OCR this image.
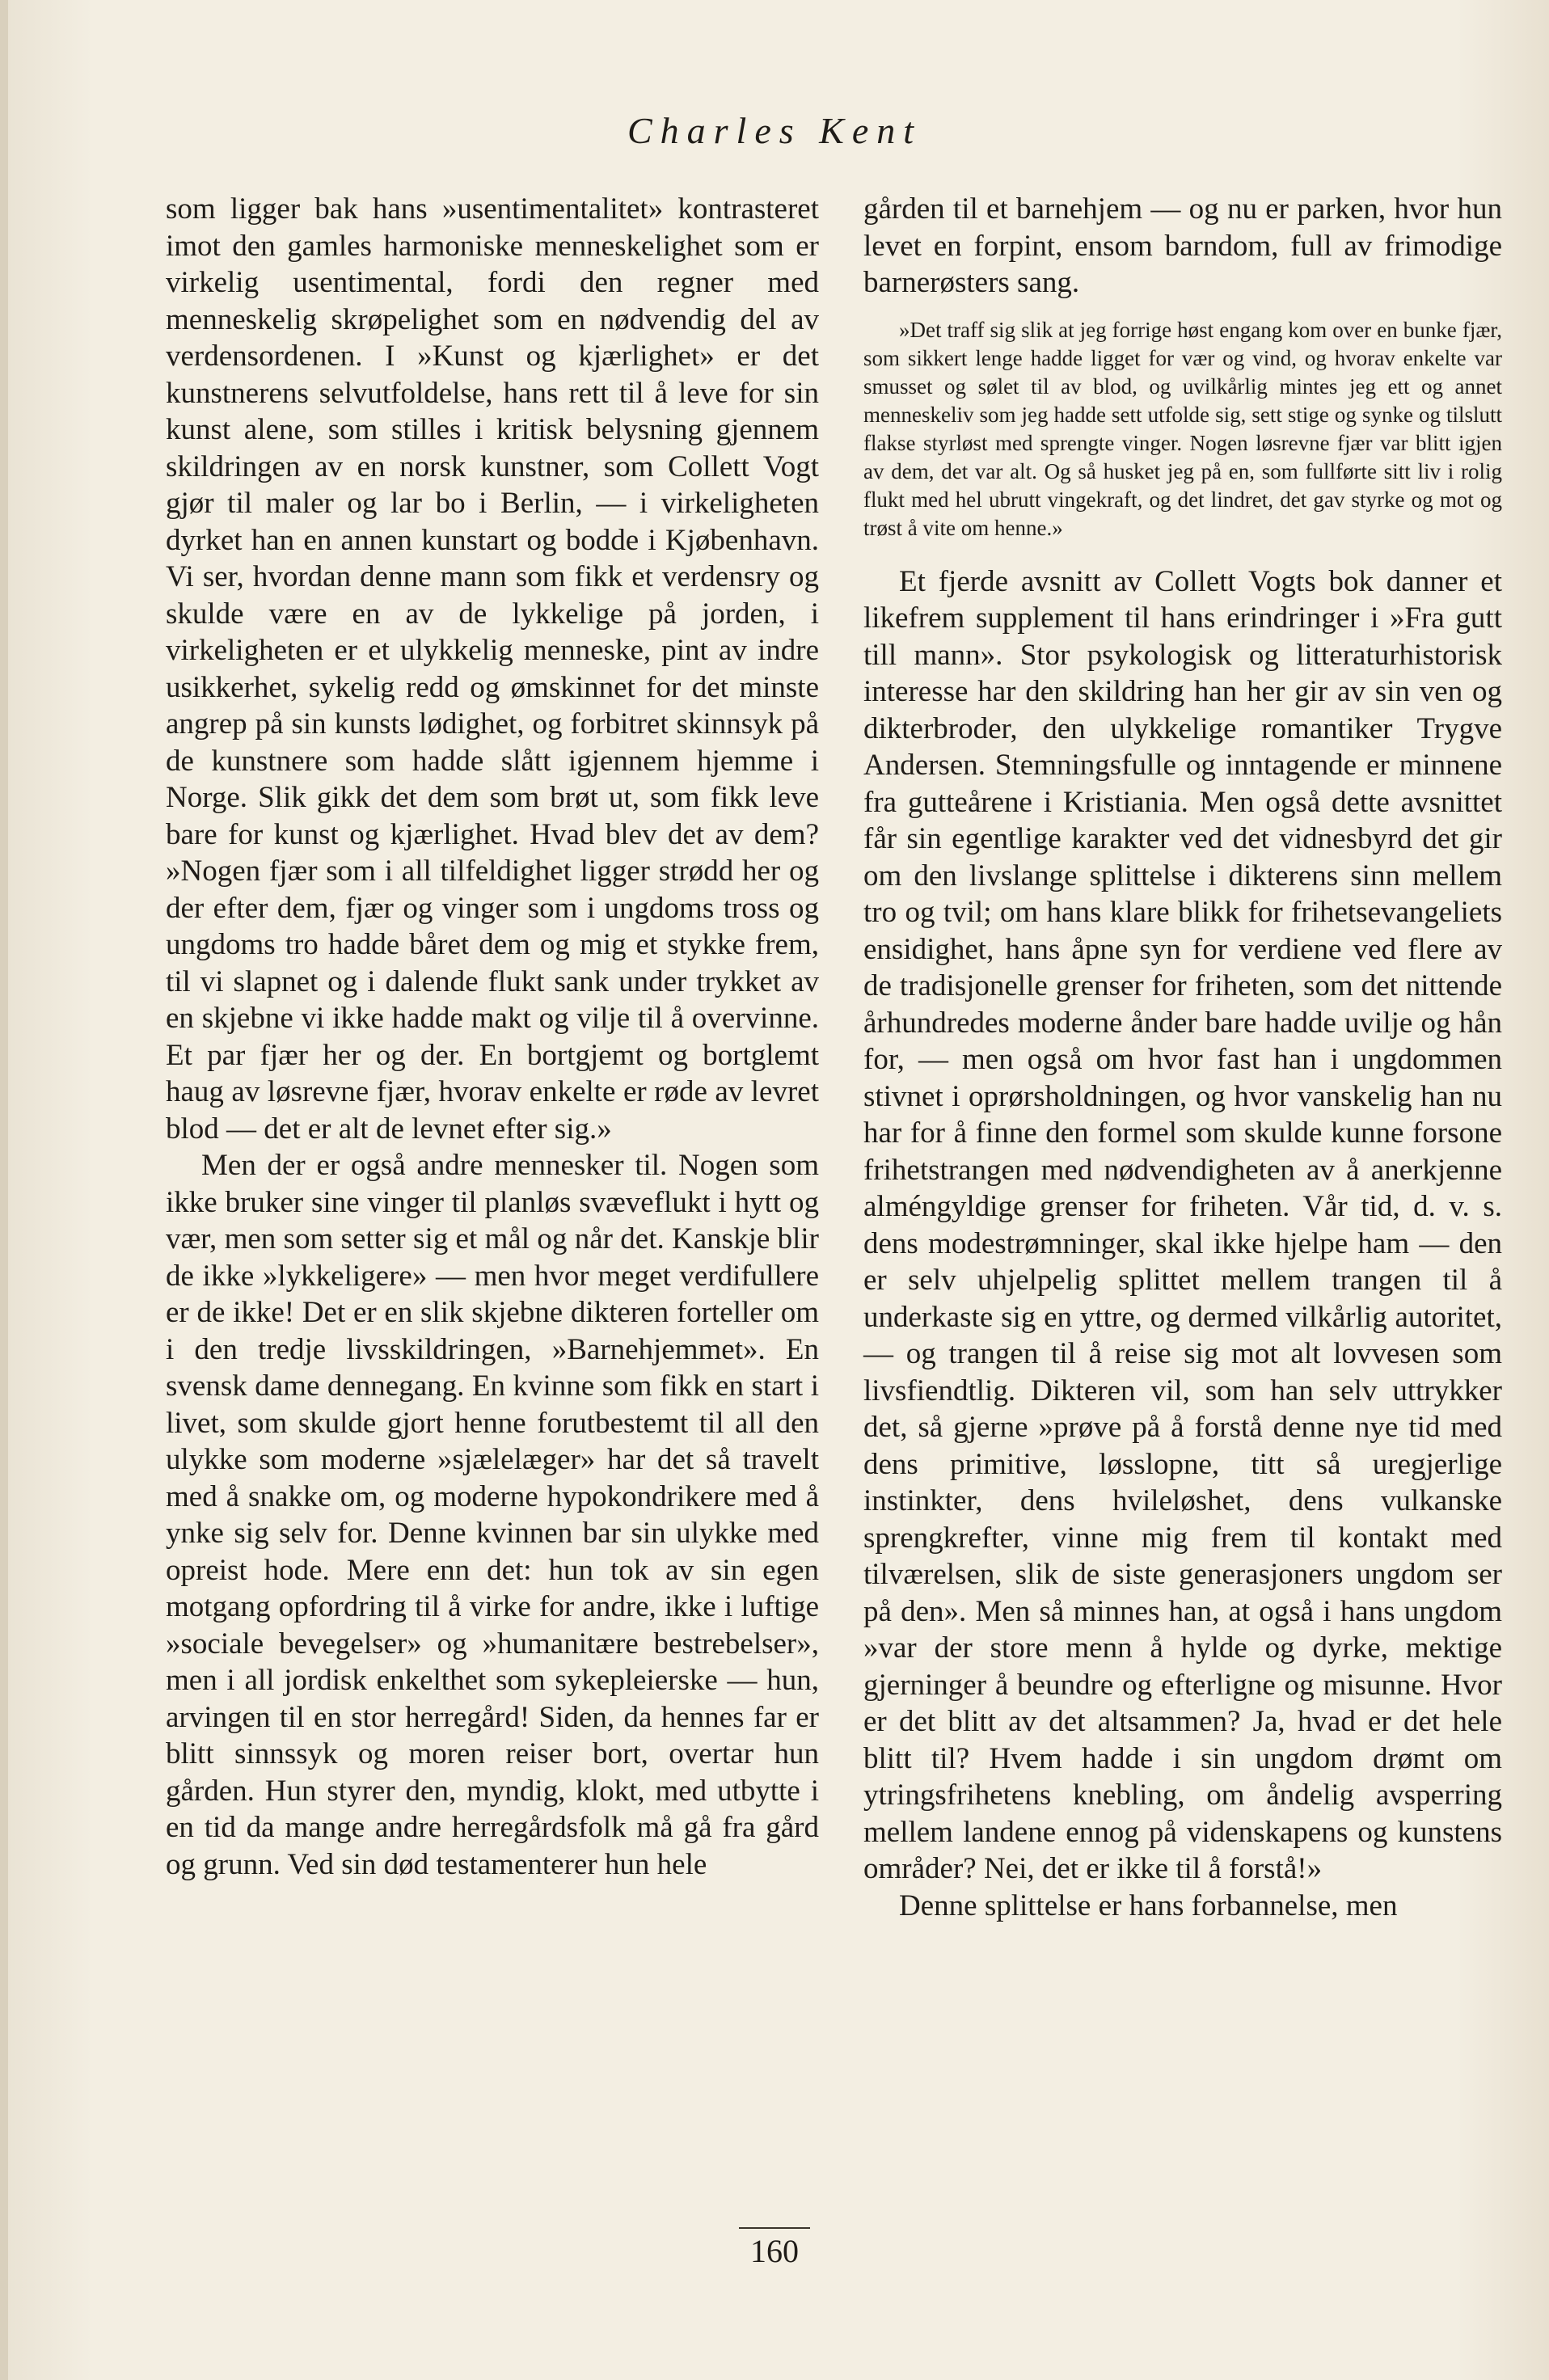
Charles Kent

som ligger bak hans »usentimentalitet» kontrasteret imot den gamles harmoniske menneskelighet som er virkelig usentimental, fordi den regner med menneskelig skrøpelighet som en nødvendig del av verdensordenen. I »Kunst og kjærlighet» er det kunstnerens selvutfoldelse, hans rett til å leve for sin kunst alene, som stilles i kritisk belysning gjennem skildringen av en norsk kunstner, som Collett Vogt gjør til maler og lar bo i Berlin, — i virkeligheten dyrket han en annen kunstart og bodde i Kjøbenhavn. Vi ser, hvordan denne mann som fikk et verdensry og skulde være en av de lykkelige på jorden, i virkeligheten er et ulykkelig menneske, pint av indre usikkerhet, sykelig redd og ømskinnet for det minste angrep på sin kunsts lødighet, og forbitret skinnsyk på de kunstnere som hadde slått igjennem hjemme i Norge. Slik gikk det dem som brøt ut, som fikk leve bare for kunst og kjærlighet. Hvad blev det av dem? »Nogen fjær som i all tilfeldighet ligger strødd her og der efter dem, fjær og vinger som i ungdoms tross og ungdoms tro hadde båret dem og mig et stykke frem, til vi slapnet og i dalende flukt sank under trykket av en skjebne vi ikke hadde makt og vilje til å overvinne. Et par fjær her og der. En bortgjemt og bortglemt haug av løsrevne fjær, hvorav enkelte er røde av levret blod — det er alt de levnet efter sig.»

Men der er også andre mennesker til. Nogen som ikke bruker sine vinger til planløs svæveflukt i hytt og vær, men som setter sig et mål og når det. Kanskje blir de ikke »lykkeligere» — men hvor meget verdifullere er de ikke! Det er en slik skjebne dikteren forteller om i den tredje livsskildringen, »Barnehjemmet». En svensk dame dennegang. En kvinne som fikk en start i livet, som skulde gjort henne forutbestemt til all den ulykke som moderne »sjælelæger» har det så travelt med å snakke om, og moderne hypokondrikere med å ynke sig selv for. Denne kvinnen bar sin ulykke med opreist hode. Mere enn det: hun tok av sin egen motgang opfordring til å virke for andre, ikke i luftige »sociale bevegelser» og »humanitære bestrebelser», men i all jordisk enkelthet som sykepleierske — hun, arvingen til en stor herregård! Siden, da hennes far er blitt sinnssyk og moren reiser bort, overtar hun gården. Hun styrer den, myndig, klokt, med utbytte i en tid da mange andre herregårdsfolk må gå fra gård og grunn. Ved sin død testamenterer hun hele

gården til et barnehjem — og nu er parken, hvor hun levet en forpint, ensom barndom, full av frimodige barnerøsters sang.

»Det traff sig slik at jeg forrige høst engang kom over en bunke fjær, som sikkert lenge hadde ligget for vær og vind, og hvorav enkelte var smusset og sølet til av blod, og uvilkårlig mintes jeg ett og annet menneskeliv som jeg hadde sett utfolde sig, sett stige og synke og tilslutt flakse styrløst med sprengte vinger. Nogen løsrevne fjær var blitt igjen av dem, det var alt. Og så husket jeg på en, som fullførte sitt liv i rolig flukt med hel ubrutt vingekraft, og det lindret, det gav styrke og mot og trøst å vite om henne.»

Et fjerde avsnitt av Collett Vogts bok danner et likefrem supplement til hans erindringer i »Fra gutt till mann». Stor psykologisk og litteraturhistorisk interesse har den skildring han her gir av sin ven og dikterbroder, den ulykkelige romantiker Trygve Andersen. Stemningsfulle og inntagende er minnene fra gutteårene i Kristiania. Men også dette avsnittet får sin egentlige karakter ved det vidnesbyrd det gir om den livslange splittelse i dikterens sinn mellem tro og tvil; om hans klare blikk for frihetsevangeliets ensidighet, hans åpne syn for verdiene ved flere av de tradisjonelle grenser for friheten, som det nittende århundredes moderne ånder bare hadde uvilje og hån for, — men også om hvor fast han i ungdommen stivnet i oprørsholdningen, og hvor vanskelig han nu har for å finne den formel som skulde kunne forsone frihetstrangen med nødvendigheten av å anerkjenne alméngyldige grenser for friheten. Vår tid, d. v. s. dens modestrømninger, skal ikke hjelpe ham — den er selv uhjelpelig splittet mellem trangen til å underkaste sig en yttre, og dermed vilkårlig autoritet, — og trangen til å reise sig mot alt lovvesen som livsfiendtlig. Dikteren vil, som han selv uttrykker det, så gjerne »prøve på å forstå denne nye tid med dens primitive, løsslopne, titt så uregjerlige instinkter, dens hvileløshet, dens vulkanske sprengkrefter, vinne mig frem til kontakt med tilværelsen, slik de siste generasjoners ungdom ser på den». Men så minnes han, at også i hans ungdom »var der store menn å hylde og dyrke, mektige gjerninger å beundre og efterligne og misunne. Hvor er det blitt av det altsammen? Ja, hvad er det hele blitt til? Hvem hadde i sin ungdom drømt om ytringsfrihetens knebling, om åndelig avsperring mellem landene ennog på videnskapens og kunstens områder? Nei, det er ikke til å forstå!»

Denne splittelse er hans forbannelse, men

160
